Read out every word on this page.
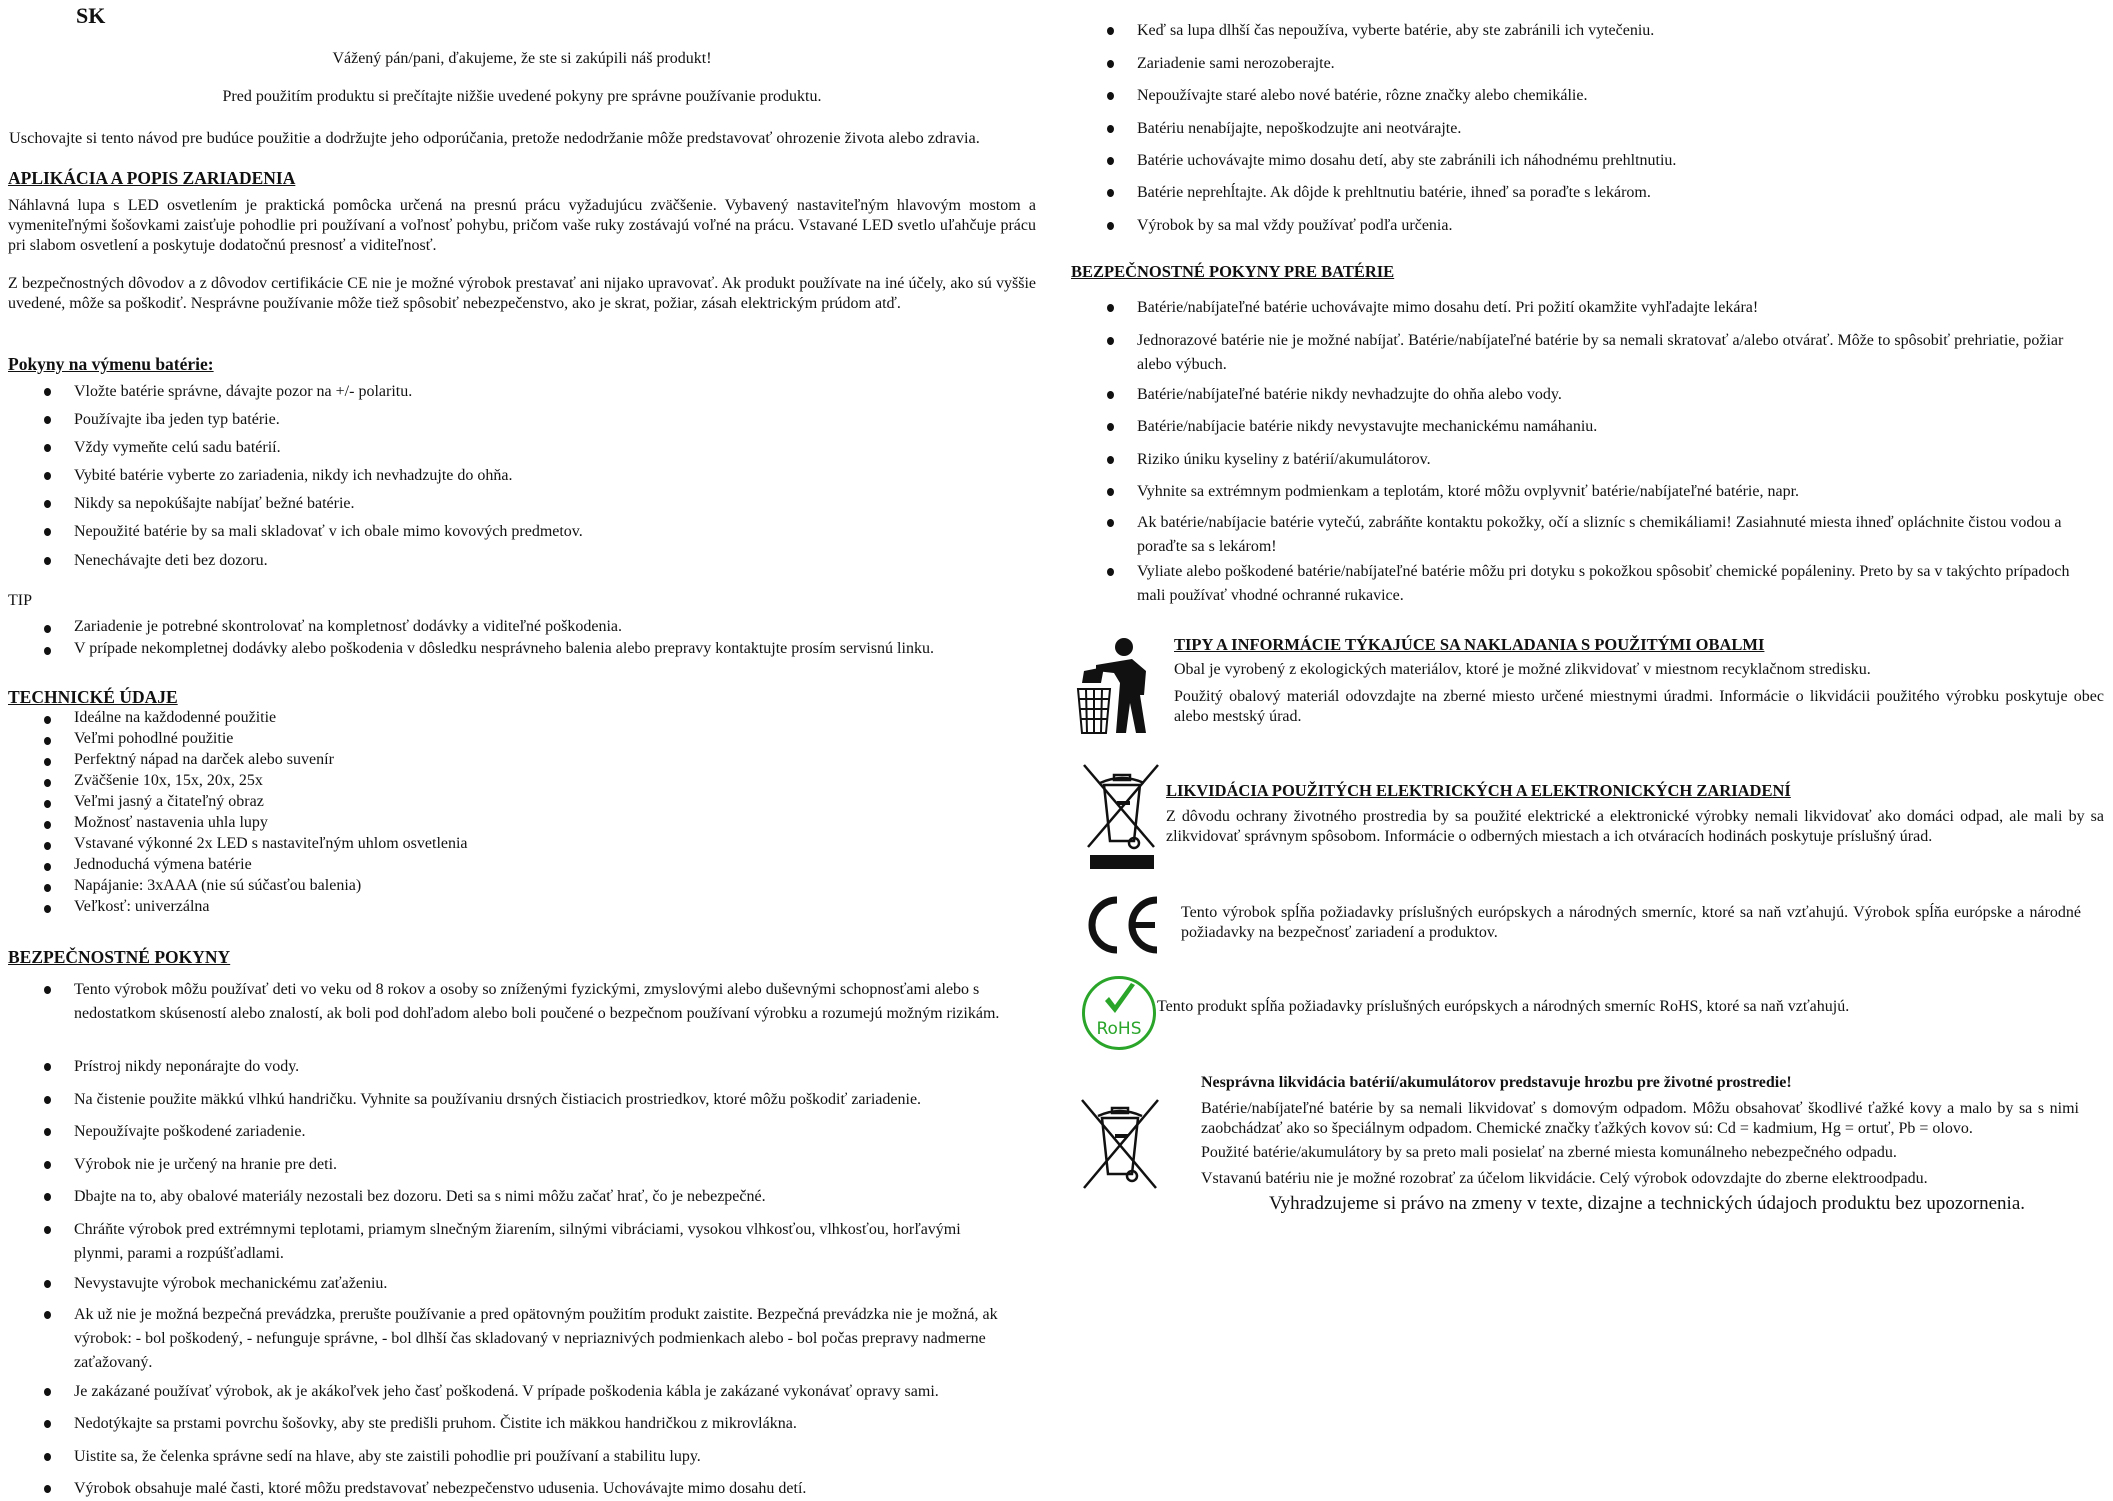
SK
Vážený pán/pani, ďakujeme, že ste si zakúpili náš produkt!
Pred použitím produktu si prečítajte nižšie uvedené pokyny pre správne používanie produktu.
Uschovajte si tento návod pre budúce použitie a dodržujte jeho odporúčania, pretože nedodržanie môže predstavovať ohrozenie života alebo zdravia.
APLIKÁCIA A POPIS ZARIADENIA
Náhlavná lupa s LED osvetlením je praktická pomôcka určená na presnú prácu vyžadujúcu zväčšenie. Vybavený nastaviteľným hlavovým mostom a vymeniteľnými šošovkami zaisťuje pohodlie pri používaní a voľnosť pohybu, pričom vaše ruky zostávajú voľné na prácu. Vstavané LED svetlo uľahčuje prácu pri slabom osvetlení a poskytuje dodatočnú presnosť a viditeľnosť.
Z bezpečnostných dôvodov a z dôvodov certifikácie CE nie je možné výrobok prestavať ani nijako upravovať. Ak produkt používate na iné účely, ako sú vyššie uvedené, môže sa poškodiť. Nesprávne používanie môže tiež spôsobiť nebezpečenstvo, ako je skrat, požiar, zásah elektrickým prúdom atď.
Pokyny na výmenu batérie:
Vložte batérie správne, dávajte pozor na +/- polaritu.
Používajte iba jeden typ batérie.
Vždy vymeňte celú sadu batérií.
Vybité batérie vyberte zo zariadenia, nikdy ich nevhadzujte do ohňa.
Nikdy sa nepokúšajte nabíjať bežné batérie.
Nepoužité batérie by sa mali skladovať v ich obale mimo kovových predmetov.
Nenechávajte deti bez dozoru.
TIP
Zariadenie je potrebné skontrolovať na kompletnosť dodávky a viditeľné poškodenia.
V prípade nekompletnej dodávky alebo poškodenia v dôsledku nesprávneho balenia alebo prepravy kontaktujte prosím servisnú linku.
TECHNICKÉ ÚDAJE
Ideálne na každodenné použitie
Veľmi pohodlné použitie
Perfektný nápad na darček alebo suvenír
Zväčšenie 10x, 15x, 20x, 25x
Veľmi jasný a čitateľný obraz
Možnosť nastavenia uhla lupy
Vstavané výkonné 2x LED s nastaviteľným uhlom osvetlenia
Jednoduchá výmena batérie
Napájanie: 3xAAA (nie sú súčasťou balenia)
Veľkosť: univerzálna
BEZPEČNOSTNÉ POKYNY
Tento výrobok môžu používať deti vo veku od 8 rokov a osoby so zníženými fyzickými, zmyslovými alebo duševnými schopnosťami alebo s nedostatkom skúseností alebo znalostí, ak boli pod dohľadom alebo boli poučené o bezpečnom používaní výrobku a rozumejú možným rizikám.
Prístroj nikdy neponárajte do vody.
Na čistenie použite mäkkú vlhkú handričku. Vyhnite sa používaniu drsných čistiacich prostriedkov, ktoré môžu poškodiť zariadenie.
Nepoužívajte poškodené zariadenie.
Výrobok nie je určený na hranie pre deti.
Dbajte na to, aby obalové materiály nezostali bez dozoru. Deti sa s nimi môžu začať hrať, čo je nebezpečné.
Chráňte výrobok pred extrémnymi teplotami, priamym slnečným žiarením, silnými vibráciami, vysokou vlhkosťou, vlhkosťou, horľavými plynmi, parami a rozpúšťadlami.
Nevystavujte výrobok mechanickému zaťaženiu.
Ak už nie je možná bezpečná prevádzka, prerušte používanie a pred opätovným použitím produkt zaistite. Bezpečná prevádzka nie je možná, ak výrobok: - bol poškodený, - nefunguje správne, - bol dlhší čas skladovaný v nepriaznivých podmienkach alebo - bol počas prepravy nadmerne zaťažovaný.
Je zakázané používať výrobok, ak je akákoľvek jeho časť poškodená. V prípade poškodenia kábla je zakázané vykonávať opravy sami.
Nedotýkajte sa prstami povrchu šošovky, aby ste predišli pruhom. Čistite ich mäkkou handričkou z mikrovlákna.
Uistite sa, že čelenka správne sedí na hlave, aby ste zaistili pohodlie pri používaní a stabilitu lupy.
Výrobok obsahuje malé časti, ktoré môžu predstavovať nebezpečenstvo udusenia. Uchovávajte mimo dosahu detí.
Keď sa lupa dlhší čas nepoužíva, vyberte batérie, aby ste zabránili ich vytečeniu.
Zariadenie sami nerozoberajte.
Nepoužívajte staré alebo nové batérie, rôzne značky alebo chemikálie.
Batériu nenabíjajte, nepoškodzujte ani neotvárajte.
Batérie uchovávajte mimo dosahu detí, aby ste zabránili ich náhodnému prehltnutiu.
Batérie neprehĺtajte. Ak dôjde k prehltnutiu batérie, ihneď sa poraďte s lekárom.
Výrobok by sa mal vždy používať podľa určenia.
BEZPEČNOSTNÉ POKYNY PRE BATÉRIE
Batérie/nabíjateľné batérie uchovávajte mimo dosahu detí. Pri požití okamžite vyhľadajte lekára!
Jednorazové batérie nie je možné nabíjať. Batérie/nabíjateľné batérie by sa nemali skratovať a/alebo otvárať. Môže to spôsobiť prehriatie, požiar alebo výbuch.
Batérie/nabíjateľné batérie nikdy nevhadzujte do ohňa alebo vody.
Batérie/nabíjacie batérie nikdy nevystavujte mechanickému namáhaniu.
Riziko úniku kyseliny z batérií/akumulátorov.
Vyhnite sa extrémnym podmienkam a teplotám, ktoré môžu ovplyvniť batérie/nabíjateľné batérie, napr.
Ak batérie/nabíjacie batérie vytečú, zabráňte kontaktu pokožky, očí a slizníc s chemikáliami! Zasiahnuté miesta ihneď opláchnite čistou vodou a poraďte sa s lekárom!
Vyliate alebo poškodené batérie/nabíjateľné batérie môžu pri dotyku s pokožkou spôsobiť chemické popáleniny. Preto by sa v takýchto prípadoch mali používať vhodné ochranné rukavice.
TIPY A INFORMÁCIE TÝKAJÚCE SA NAKLADANIA S POUŽITÝMI OBALMI
Obal je vyrobený z ekologických materiálov, ktoré je možné zlikvidovať v miestnom recyklačnom stredisku.
Použitý obalový materiál odovzdajte na zberné miesto určené miestnymi úradmi. Informácie o likvidácii použitého výrobku poskytuje obec alebo mestský úrad.
LIKVIDÁCIA POUŽITÝCH ELEKTRICKÝCH A ELEKTRONICKÝCH ZARIADENÍ
Z dôvodu ochrany životného prostredia by sa použité elektrické a elektronické výrobky nemali likvidovať ako domáci odpad, ale mali by sa zlikvidovať správnym spôsobom. Informácie o odberných miestach a ich otváracích hodinách poskytuje príslušný úrad.
Tento výrobok spĺňa požiadavky príslušných európskych a národných smerníc, ktoré sa naň vzťahujú. Výrobok spĺňa európske a národné požiadavky na bezpečnosť zariadení a produktov.
RoHS
Tento produkt spĺňa požiadavky príslušných európskych a národných smerníc RoHS, ktoré sa naň vzťahujú.
Nesprávna likvidácia batérií/akumulátorov predstavuje hrozbu pre životné prostredie!
Batérie/nabíjateľné batérie by sa nemali likvidovať s domovým odpadom. Môžu obsahovať škodlivé ťažké kovy a malo by sa s nimi zaobchádzať ako so špeciálnym odpadom. Chemické značky ťažkých kovov sú: Cd = kadmium, Hg = ortuť, Pb = olovo.
Použité batérie/akumulátory by sa preto mali posielať na zberné miesta komunálneho nebezpečného odpadu.
Vstavanú batériu nie je možné rozobrať za účelom likvidácie. Celý výrobok odovzdajte do zberne elektroodpadu.
Vyhradzujeme si právo na zmeny v texte, dizajne a technických údajoch produktu bez upozornenia.
